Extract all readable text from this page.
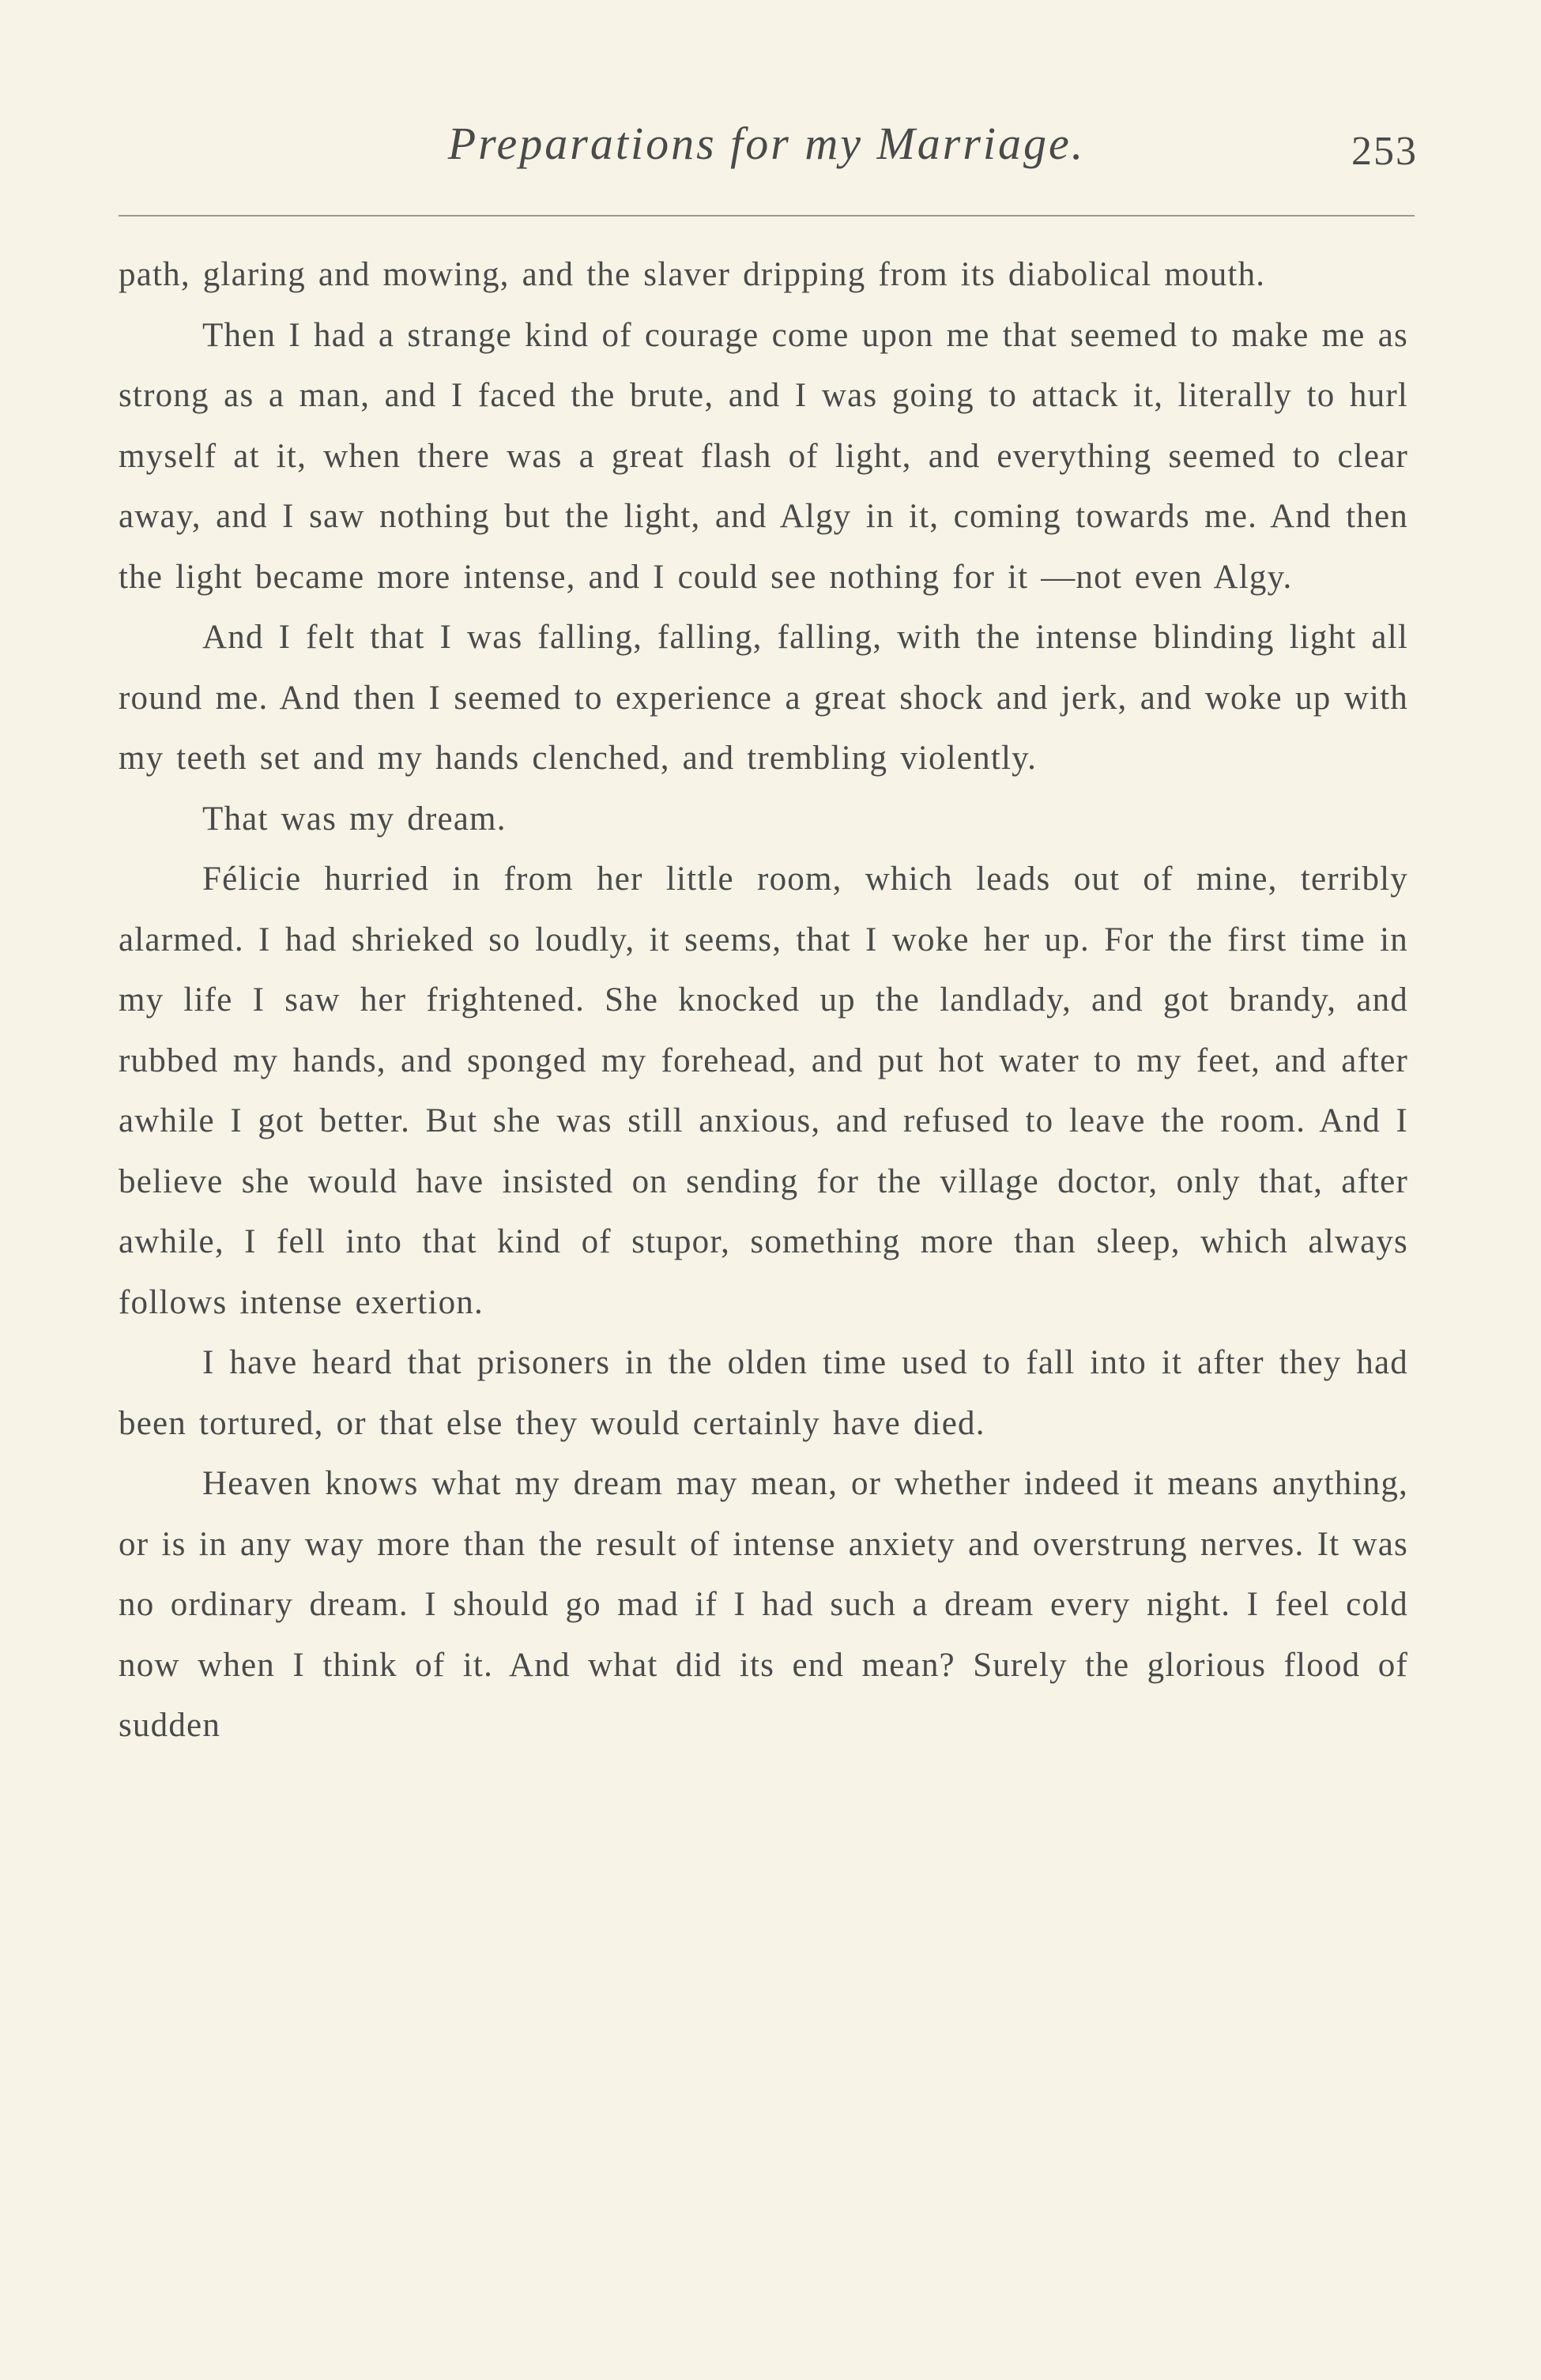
Preparations for my Marriage.	253

path, glaring and mowing, and the slaver dripping from its diabolical mouth.

Then I had a strange kind of courage come upon me that seemed to make me as strong as a man, and I faced the brute, and I was going to attack it, literally to hurl myself at it, when there was a great flash of light, and everything seemed to clear away, and I saw nothing but the light, and Algy in it, coming towards me. And then the light became more intense, and I could see nothing for it —not even Algy.

And I felt that I was falling, falling, falling, with the intense blinding light all round me. And then I seemed to experience a great shock and jerk, and woke up with my teeth set and my hands clenched, and trembling violently.

That was my dream.

Félicie hurried in from her little room, which leads out of mine, terribly alarmed. I had shrieked so loudly, it seems, that I woke her up. For the first time in my life I saw her frightened. She knocked up the landlady, and got brandy, and rubbed my hands, and sponged my forehead, and put hot water to my feet, and after awhile I got better. But she was still anxious, and refused to leave the room. And I believe she would have insisted on sending for the village doctor, only that, after awhile, I fell into that kind of stupor, something more than sleep, which always follows intense exertion.

I have heard that prisoners in the olden time used to fall into it after they had been tortured, or that else they would certainly have died.

Heaven knows what my dream may mean, or whether indeed it means anything, or is in any way more than the result of intense anxiety and overstrung nerves. It was no ordinary dream. I should go mad if I had such a dream every night. I feel cold now when I think of it. And what did its end mean? Surely the glorious flood of sudden
